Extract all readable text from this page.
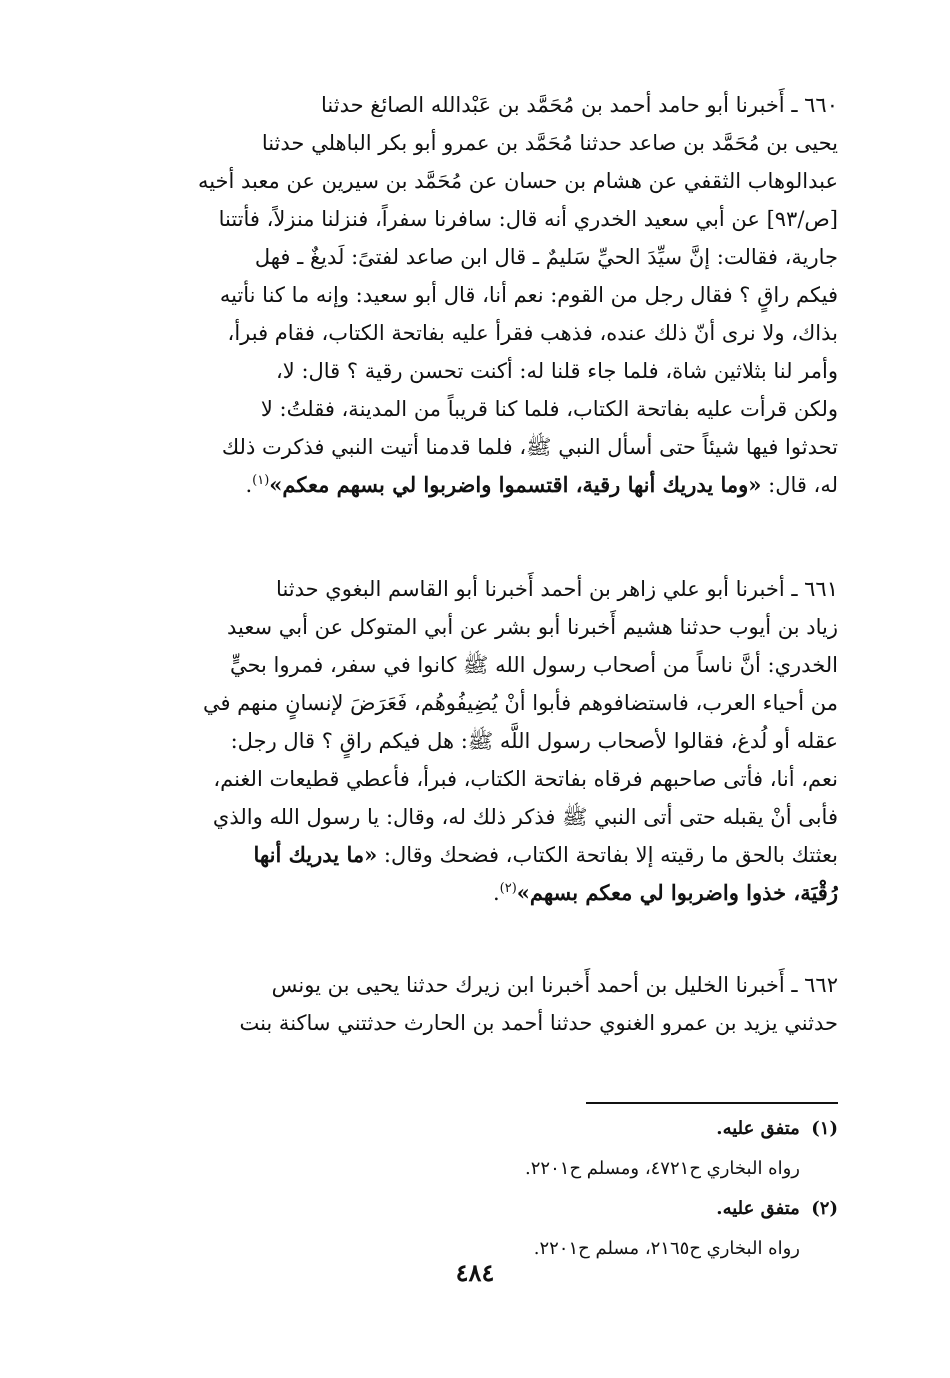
٦٦٠ ـ أَخبرنا أبو حامد أحمد بن مُحَمَّد بن عَبْدالله الصائغ حدثنا
يحيى بن مُحَمَّد بن صاعد حدثنا مُحَمَّد بن عمرو أبو بكر الباهلي حدثنا
عبدالوهاب الثقفي عن هشام بن حسان عن مُحَمَّد بن سيرين عن معبد أخيه
[ص/٩٣] عن أبي سعيد الخدري أنه قال: سافرنا سفراً، فنزلنا منزلاً، فأتتنا
جارية، فقالت: إنَّ سيِّدَ الحيِّ سَليمٌ ـ قال ابن صاعد لفتىً: لَديغٌ ـ فهل
فيكم راقٍ ؟ فقال رجل من القوم: نعم أنا، قال أبو سعيد: وإنه ما كنا نأتيه
بذاك، ولا نرى أنّ ذلك عنده، فذهب فقرأ عليه بفاتحة الكتاب، فقام فبرأ،
وأمر لنا بثلاثين شاة، فلما جاء قلنا له: أكنت تحسن رقية ؟ قال: لا،
ولكن قرأت عليه بفاتحة الكتاب، فلما كنا قريباً من المدينة، فقلتُ: لا
تحدثوا فيها شيئاً حتى أسأل النبي ﷺ، فلما قدمنا أتيت النبي فذكرت ذلك
له، قال: «وما يدريك أنها رقية، اقتسموا واضربوا لي بسهم معكم»$^{(١)}$.
٦٦١ ـ أخبرنا أبو علي زاهر بن أحمد أَخبرنا أبو القاسم البغوي حدثنا
زياد بن أيوب حدثنا هشيم أَخبرنا أبو بشر عن أبي المتوكل عن أبي سعيد
الخدري: أنَّ ناساً من أصحاب رسول الله ﷺ كانوا في سفر، فمروا بحيٍّ
من أحياء العرب، فاستضافوهم فأبوا أنْ يُضِيفُوهُم، فَعَرَضَ لإنسانٍ منهم في
عقله أو لُدغ، فقالوا لأصحاب رسول اللَّه ﷺ: هل فيكم راقٍ ؟ قال رجل:
نعم، أنا، فأتى صاحبهم فرقاه بفاتحة الكتاب، فبرأ، فأعطي قطيعات الغنم،
فأبى أنْ يقبله حتى أتى النبي ﷺ فذكر ذلك له، وقال: يا رسول الله والذي
بعثتك بالحق ما رقيته إلا بفاتحة الكتاب، فضحك وقال: «ما يدريك أنها
رُقْيَة، خذوا واضربوا لي معكم بسهم»$^{(٢)}$.
٦٦٢ ـ أَخبرنا الخليل بن أحمد أَخبرنا ابن زيرك حدثنا يحيى بن يونس
حدثني يزيد بن عمرو الغنوي حدثنا أحمد بن الحارث حدثتني ساكنة بنت
(١)  متفق عليه.
رواه البخاري ح٤٧٢١، ومسلم ح٢٢٠١.
(٢)  متفق عليه.
رواه البخاري ح٢١٦٥، مسلم ح٢٢٠١.
٤٨٤
